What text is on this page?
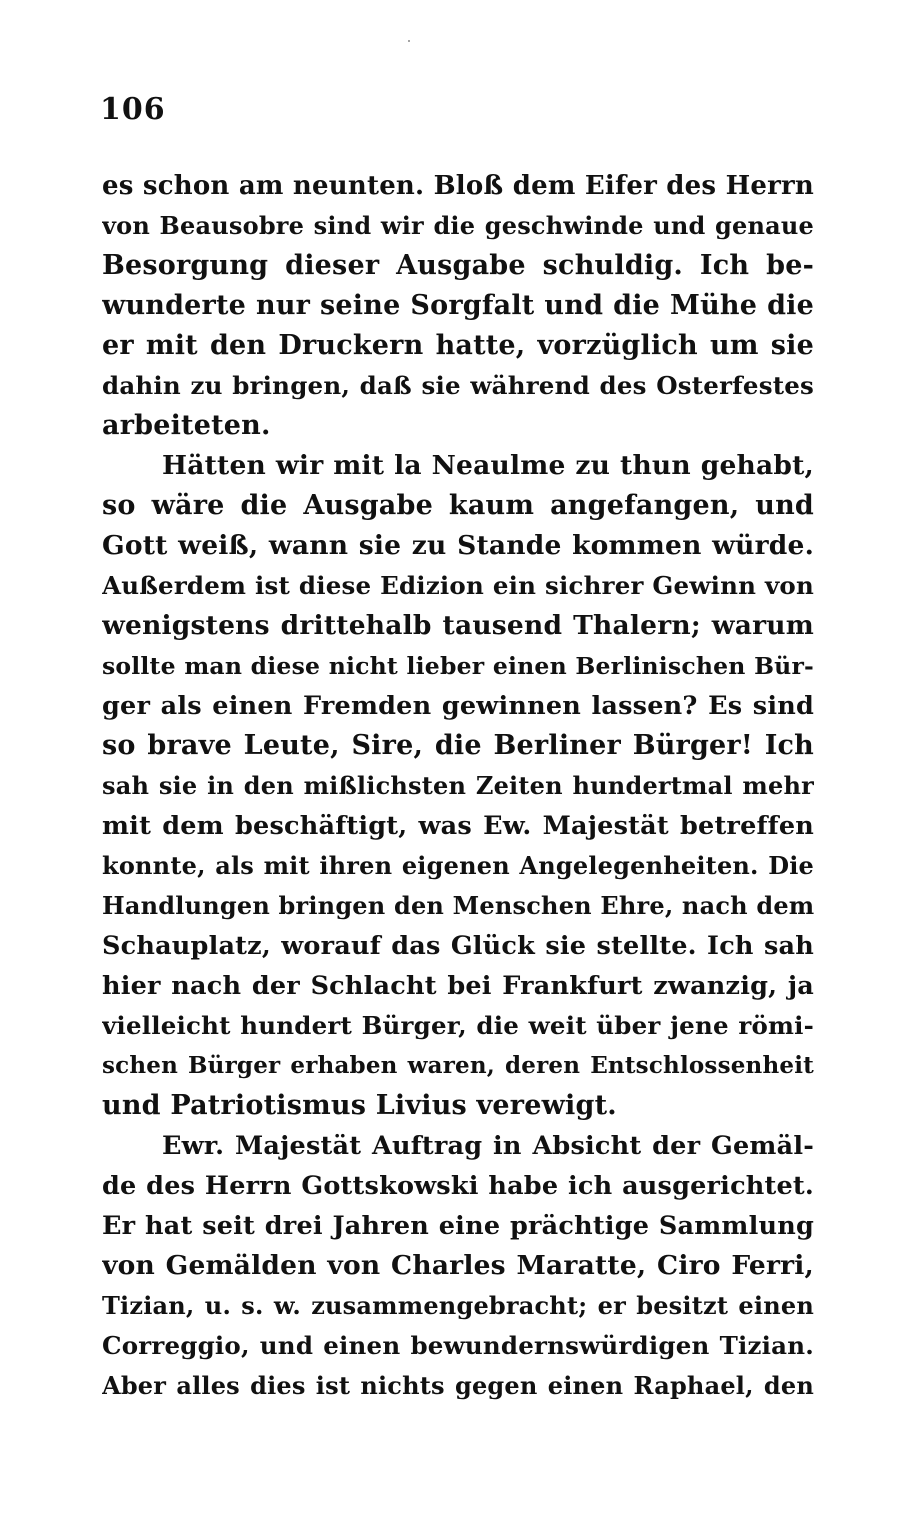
106
es schon am neunten. Bloß dem Eifer des Herrn
von Beausobre sind wir die geschwinde und genaue
Besorgung dieser Ausgabe schuldig. Ich be-
wunderte nur seine Sorgfalt und die Mühe die
er mit den Druckern hatte, vorzüglich um sie
dahin zu bringen, daß sie während des Osterfestes
arbeiteten.
Hätten wir mit la Neaulme zu thun gehabt,
so wäre die Ausgabe kaum angefangen, und
Gott weiß, wann sie zu Stande kommen würde.
Außerdem ist diese Edizion ein sichrer Gewinn von
wenigstens drittehalb tausend Thalern; warum
sollte man diese nicht lieber einen Berlinischen Bür-
ger als einen Fremden gewinnen lassen? Es sind
so brave Leute, Sire, die Berliner Bürger! Ich
sah sie in den mißlichsten Zeiten hundertmal mehr
mit dem beschäftigt, was Ew. Majestät betreffen
konnte, als mit ihren eigenen Angelegenheiten. Die
Handlungen bringen den Menschen Ehre, nach dem
Schauplatz, worauf das Glück sie stellte. Ich sah
hier nach der Schlacht bei Frankfurt zwanzig, ja
vielleicht hundert Bürger, die weit über jene römi-
schen Bürger erhaben waren, deren Entschlossenheit
und Patriotismus Livius verewigt.
Ewr. Majestät Auftrag in Absicht der Gemäl-
de des Herrn Gottskowski habe ich ausgerichtet.
Er hat seit drei Jahren eine prächtige Sammlung
von Gemälden von Charles Maratte, Ciro Ferri,
Tizian, u. s. w. zusammengebracht; er besitzt einen
Correggio, und einen bewundernswürdigen Tizian.
Aber alles dies ist nichts gegen einen Raphael, den
